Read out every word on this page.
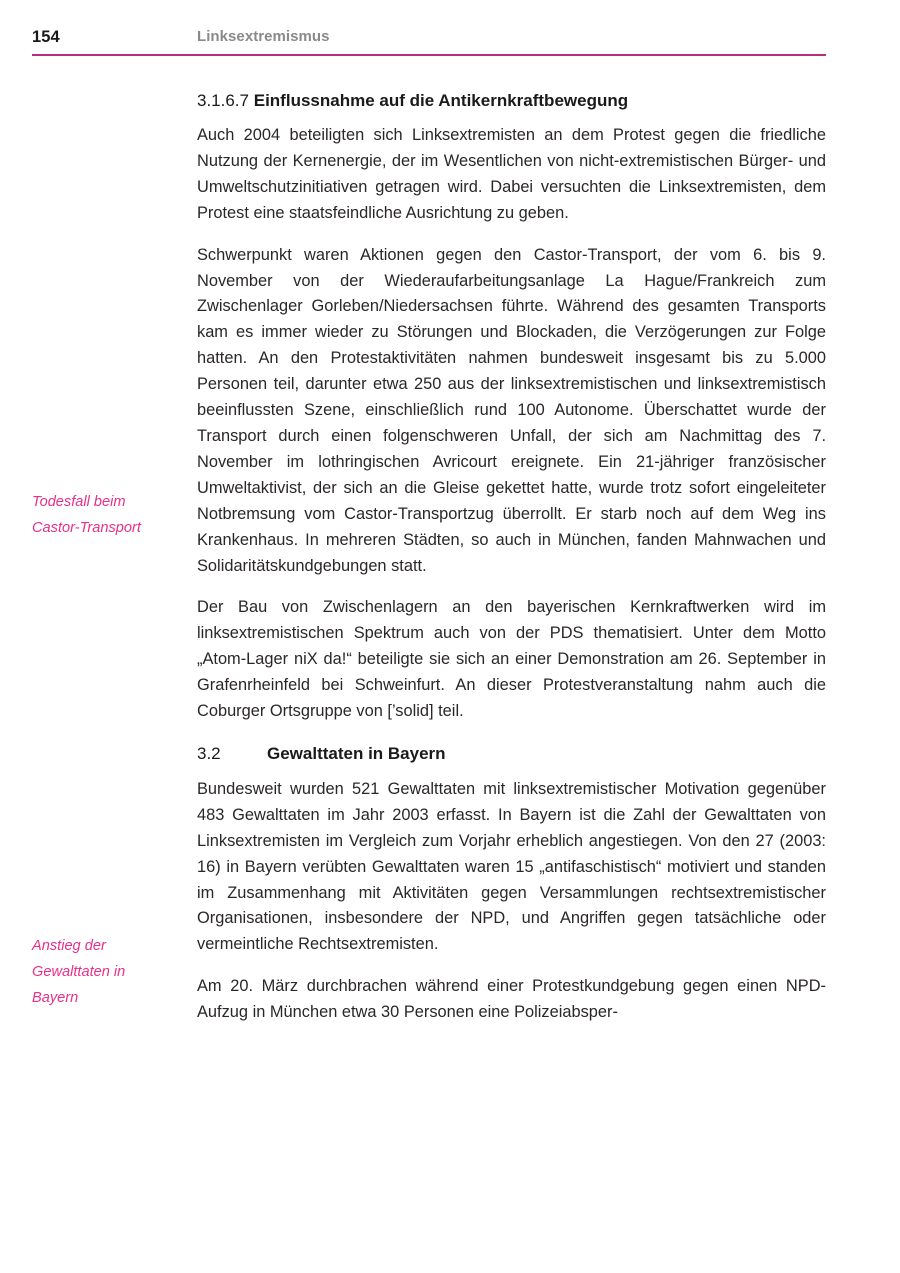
154	Linksextremismus
Todesfall beim
Castor-Transport
Anstieg der
Gewalttaten in
Bayern
3.1.6.7 Einflussnahme auf die Antikernkraftbewegung

Auch 2004 beteiligten sich Linksextremisten an dem Protest gegen die friedliche Nutzung der Kernenergie, der im Wesentlichen von nicht-extremistischen Bürger- und Umweltschutzinitiativen getragen wird. Dabei versuchten die Linksextremisten, dem Protest eine staatsfeindliche Ausrichtung zu geben.

Schwerpunkt waren Aktionen gegen den Castor-Transport, der vom 6. bis 9. November von der Wiederaufarbeitungsanlage La Hague/Frankreich zum Zwischenlager Gorleben/Niedersachsen führte. Während des gesamten Transports kam es immer wieder zu Störungen und Blockaden, die Verzögerungen zur Folge hatten. An den Protestaktivitäten nahmen bundesweit insgesamt bis zu 5.000 Personen teil, darunter etwa 250 aus der linksextremistischen und linksextremistisch beeinflussten Szene, einschließlich rund 100 Autonome. Überschattet wurde der Transport durch einen folgenschweren Unfall, der sich am Nachmittag des 7. November im lothringischen Avricourt ereignete. Ein 21-jähriger französischer Umweltaktivist, der sich an die Gleise gekettet hatte, wurde trotz sofort eingeleiteter Notbremsung vom Castor-Transportzug überrollt. Er starb noch auf dem Weg ins Krankenhaus. In mehreren Städten, so auch in München, fanden Mahnwachen und Solidaritätskundgebungen statt.

Der Bau von Zwischenlagern an den bayerischen Kernkraftwerken wird im linksextremistischen Spektrum auch von der PDS thematisiert. Unter dem Motto „Atom-Lager niX da!“ beteiligte sie sich an einer Demonstration am 26. September in Grafenrheinfeld bei Schweinfurt. An dieser Protestveranstaltung nahm auch die Coburger Ortsgruppe von [’solid] teil.

3.2	Gewalttaten in Bayern

Bundesweit wurden 521 Gewalttaten mit linksextremistischer Motivation gegenüber 483 Gewalttaten im Jahr 2003 erfasst. In Bayern ist die Zahl der Gewalttaten von Linksextremisten im Vergleich zum Vorjahr erheblich angestiegen. Von den 27 (2003: 16) in Bayern verübten Gewalttaten waren 15 „antifaschistisch“ motiviert und standen im Zusammenhang mit Aktivitäten gegen Versammlungen rechtsextremistischer Organisationen, insbesondere der NPD, und Angriffen gegen tatsächliche oder vermeintliche Rechtsextremisten.

Am 20. März durchbrachen während einer Protestkundgebung gegen einen NPD-Aufzug in München etwa 30 Personen eine Polizeiabsper-
